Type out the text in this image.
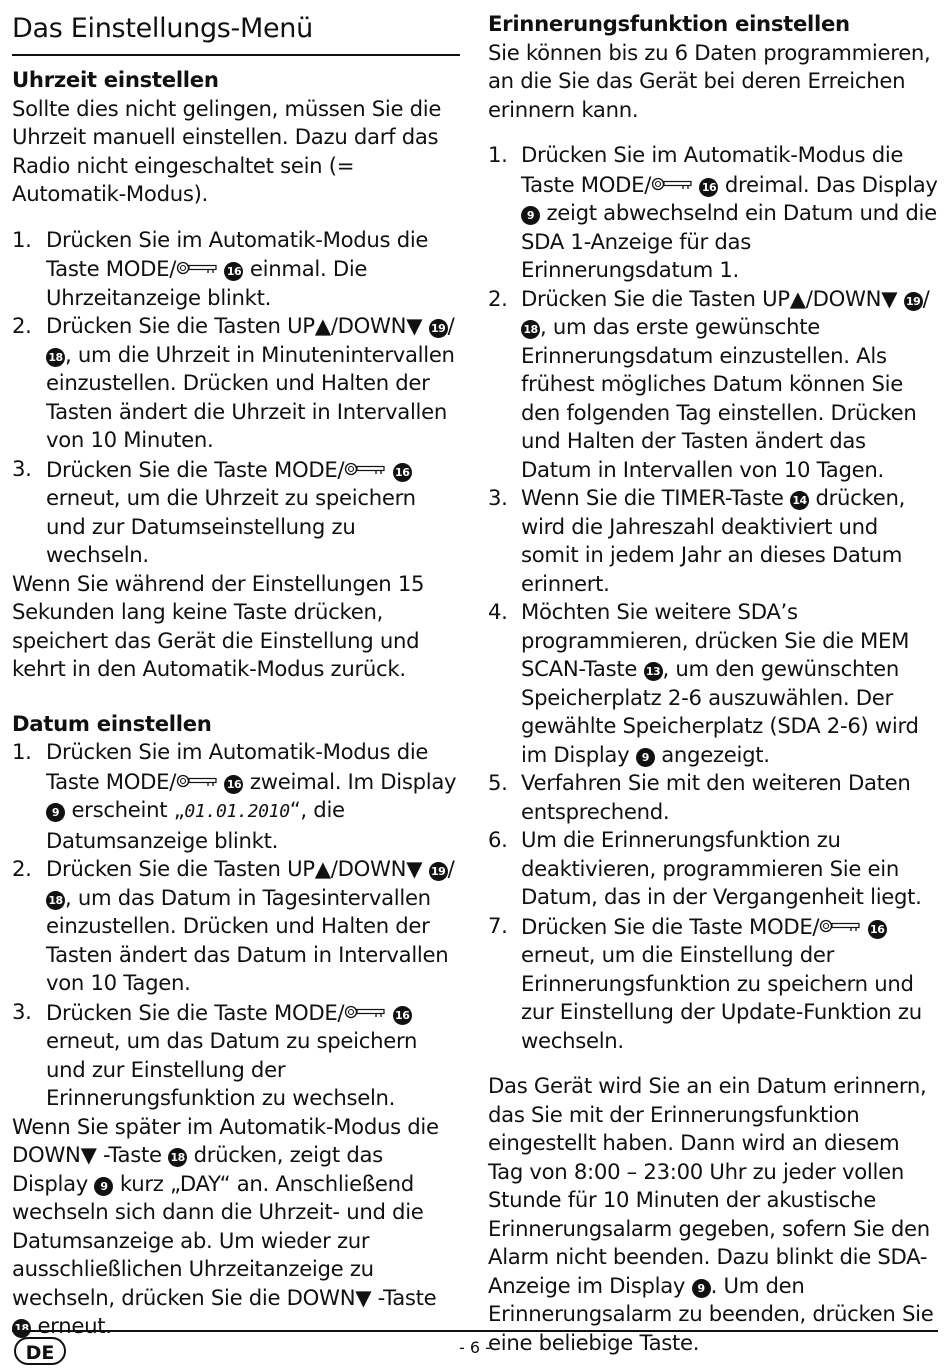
Das Einstellungs-Menü

Uhrzeit einstellen

Sollte dies nicht gelingen, müssen Sie die Uhrzeit manuell einstellen. Dazu darf das Radio nicht eingeschaltet sein (= Automatik-Modus).

1. Drücken Sie im Automatik-Modus die Taste MODE/	16 einmal. Die Uhrzeitanzeige blinkt.
2. Drücken Sie die Tasten UP▲/DOWN▼ 19 /18 , um die Uhrzeit in Minutenintervallen einzustellen. Drücken und Halten der Tasten ändert die Uhrzeit in Intervallen von 10 Minuten.
3. Drücken Sie die Taste MODE/	16 erneut, um die Uhrzeit zu speichern und zur Datumseinstellung zu wechseln.

Wenn Sie während der Einstellungen 15 Sekunden lang keine Taste drücken, speichert das Gerät die Einstellung und kehrt in den Automatik-Modus zurück.

Datum einstellen

1. Drücken Sie im Automatik-Modus die Taste MODE/	16 zweimal. Im Display 9 erscheint „01.01.2010“, die Datumsanzeige blinkt.
2. Drücken Sie die Tasten UP▲/DOWN▼ 19 /18 , um das Datum in Tagesintervallen einzustellen. Drücken und Halten der Tasten ändert das Datum in Intervallen von 10 Tagen.
3. Drücken Sie die Taste MODE/	16 erneut, um das Datum zu speichern und zur Einstellung der Erinnerungsfunktion zu wechseln.

Wenn Sie später im Automatik-Modus die DOWN▼ -Taste 18 drücken, zeigt das Display 9 kurz „DAY“ an. Anschließend wechseln sich dann die Uhrzeit- und die Datumsanzeige ab. Um wieder zur ausschließlichen Uhrzeitanzeige zu wechseln, drücken Sie die DOWN▼ -Taste 18 erneut.

Erinnerungsfunktion einstellen

Sie können bis zu 6 Daten programmieren, an die Sie das Gerät bei deren Erreichen erinnern kann.

1. Drücken Sie im Automatik-Modus die Taste MODE/	16 dreimal. Das Display 9 zeigt abwechselnd ein Datum und die SDA 1-Anzeige für das Erinnerungsdatum 1.
2. Drücken Sie die Tasten UP▲/DOWN▼ 19 /18 , um das erste gewünschte Erinnerungsdatum einzustellen. Als frühest mögliches Datum können Sie den folgenden Tag einstellen. Drücken und Halten der Tasten ändert das Datum in Intervallen von 10 Tagen.
3. Wenn Sie die TIMER-Taste 14 drücken, wird die Jahreszahl deaktiviert und somit in jedem Jahr an dieses Datum erinnert.
4. Möchten Sie weitere SDA’s programmieren, drücken Sie die MEM SCAN-Taste 13 , um den gewünschten Speicherplatz 2-6 auszuwählen. Der gewählte Speicherplatz (SDA 2-6) wird im Display 9 angezeigt.
5. Verfahren Sie mit den weiteren Daten entsprechend.
6. Um die Erinnerungsfunktion zu deaktivieren, programmieren Sie ein Datum, das in der Vergangenheit liegt.
7. Drücken Sie die Taste MODE/	16 erneut, um die Einstellung der Erinnerungsfunktion zu speichern und zur Einstellung der Update-Funktion zu wechseln.

Das Gerät wird Sie an ein Datum erinnern, das Sie mit der Erinnerungsfunktion eingestellt haben. Dann wird an diesem Tag von 8:00 – 23:00 Uhr zu jeder vollen Stunde für 10 Minuten der akustische Erinnerungsalarm gegeben, sofern Sie den Alarm nicht beenden. Dazu blinkt die SDA-Anzeige im Display 9 . Um den Erinnerungsalarm zu beenden, drücken Sie eine beliebige Taste.

DE	- 6 -
